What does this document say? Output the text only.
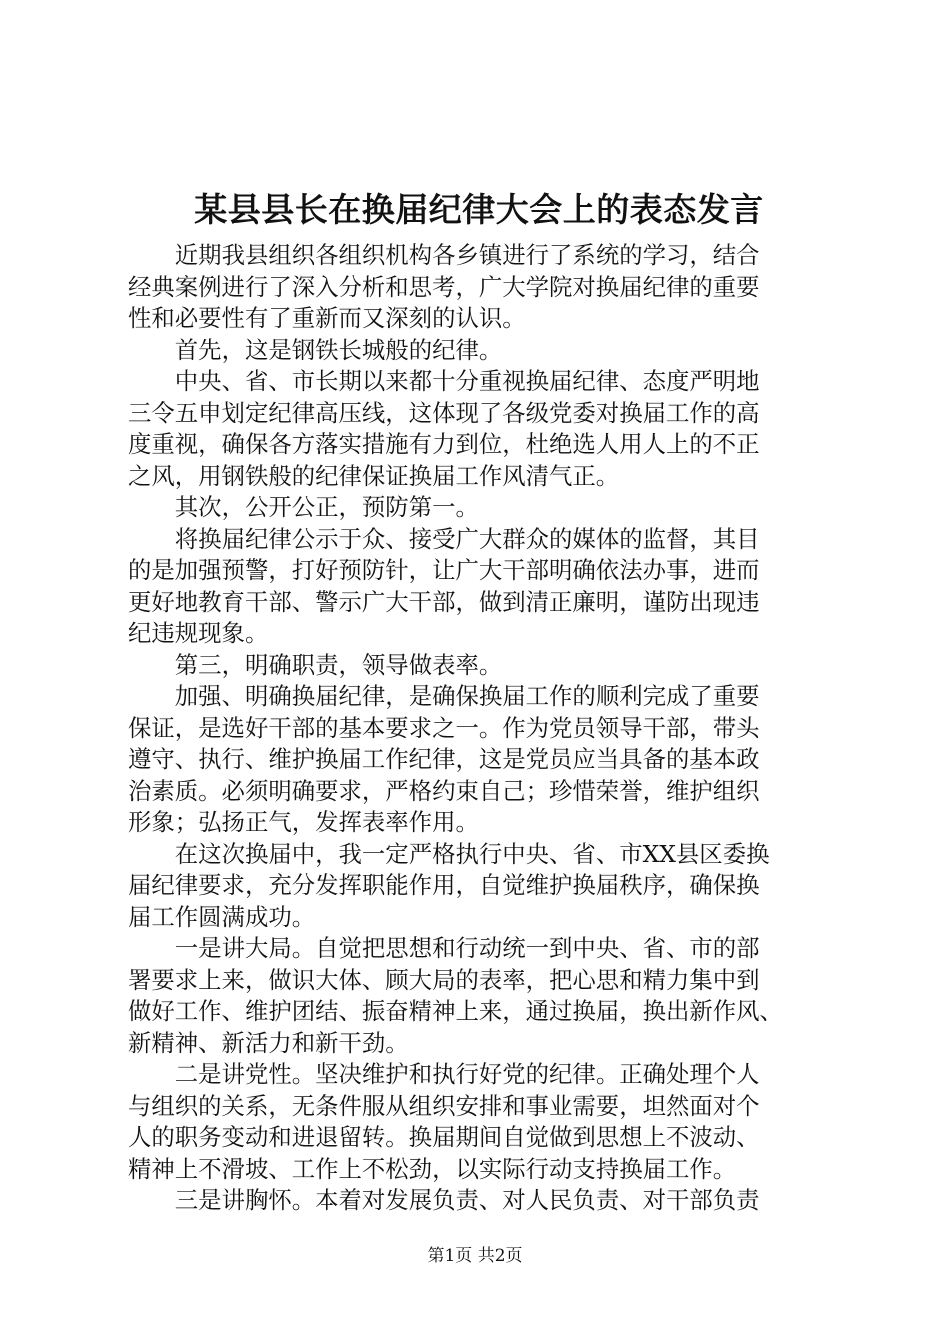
某县县长在换届纪律大会上的表态发言

近期我县组织各组织机构各乡镇进行了系统的学习，结合
经典案例进行了深入分析和思考，广大学院对换届纪律的重要
性和必要性有了重新而又深刻的认识。

首先，这是钢铁长城般的纪律。

中央、省、市长期以来都十分重视换届纪律、态度严明地
三令五申划定纪律高压线，这体现了各级党委对换届工作的高
度重视，确保各方落实措施有力到位，杜绝选人用人上的不正
之风，用钢铁般的纪律保证换届工作风清气正。

其次，公开公正，预防第一。

将换届纪律公示于众、接受广大群众的媒体的监督，其目
的是加强预警，打好预防针，让广大干部明确依法办事，进而
更好地教育干部、警示广大干部，做到清正廉明，谨防出现违
纪违规现象。

第三，明确职责，领导做表率。

加强、明确换届纪律，是确保换届工作的顺利完成了重要
保证，是选好干部的基本要求之一。作为党员领导干部，带头
遵守、执行、维护换届工作纪律，这是党员应当具备的基本政
治素质。必须明确要求，严格约束自己；珍惜荣誉，维护组织
形象；弘扬正气，发挥表率作用。

在这次换届中，我一定严格执行中央、省、市XX县区委换
届纪律要求，充分发挥职能作用，自觉维护换届秩序，确保换
届工作圆满成功。

一是讲大局。自觉把思想和行动统一到中央、省、市的部
署要求上来，做识大体、顾大局的表率，把心思和精力集中到
做好工作、维护团结、振奋精神上来，通过换届，换出新作风、
新精神、新活力和新干劲。

二是讲党性。坚决维护和执行好党的纪律。正确处理个人
与组织的关系，无条件服从组织安排和事业需要，坦然面对个
人的职务变动和进退留转。换届期间自觉做到思想上不波动、
精神上不滑坡、工作上不松劲，以实际行动支持换届工作。

三是讲胸怀。本着对发展负责、对人民负责、对干部负责

第1页 共2页
